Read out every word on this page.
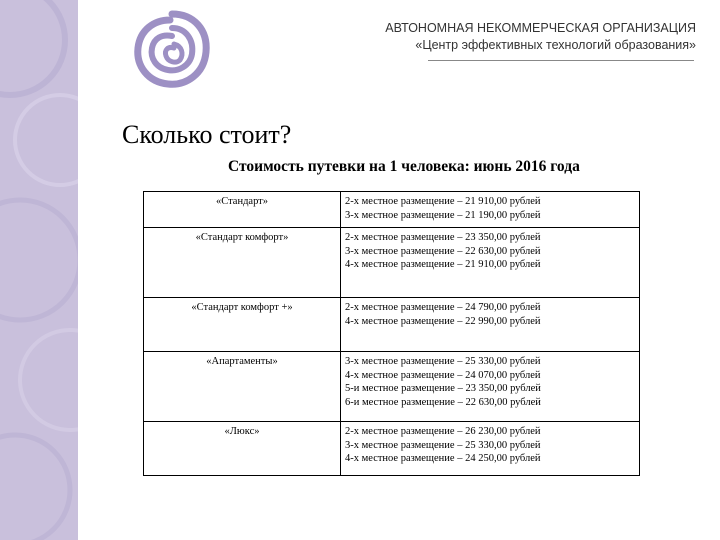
АВТОНОМНАЯ НЕКОММЕРЧЕСКАЯ ОРГАНИЗАЦИЯ
«Центр эффективных технологий образования»
Сколько стоит?
Стоимость путевки на 1 человека: июнь 2016 года
«Стандарт»	2-х местное размещение – 21 910,00 рублей
3-х местное размещение – 21 190,00 рублей

«Стандарт комфорт»	2-х местное размещение – 23 350,00 рублей
3-х местное размещение – 22 630,00 рублей
4-х местное размещение – 21 910,00 рублей

«Стандарт комфорт +»	2-х местное размещение – 24 790,00 рублей
4-х местное размещение – 22 990,00 рублей

«Апартаменты»	3-х местное размещение – 25 330,00 рублей
4-х местное размещение – 24 070,00 рублей
5-и местное размещение – 23 350,00 рублей
6-и местное размещение – 22 630,00 рублей

«Люкс»	2-х местное размещение – 26 230,00 рублей
3-х местное размещение – 25 330,00 рублей
4-х местное размещение – 24 250,00 рублей
